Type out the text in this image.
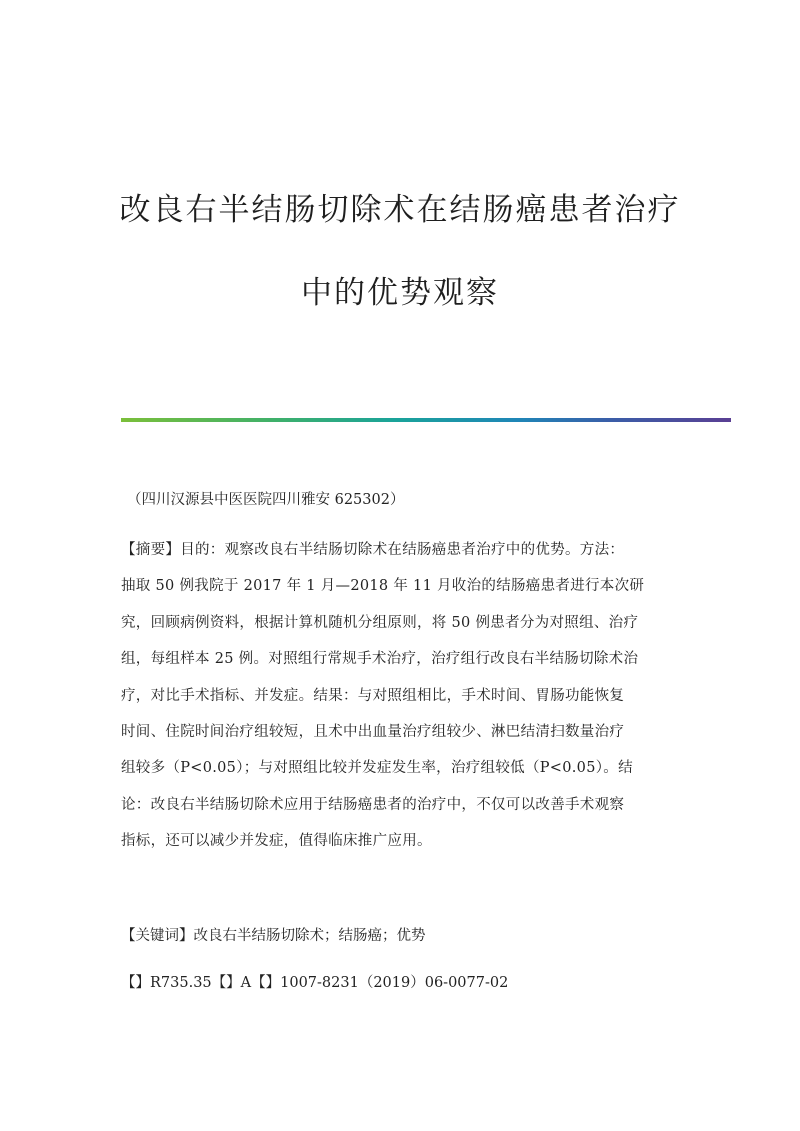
改良右半结肠切除术在结肠癌患者治疗
中的优势观察
（四川汉源县中医医院四川雅安 625302）
【摘要】目的：观察改良右半结肠切除术在结肠癌患者治疗中的优势。方法：
抽取 50 例我院于 2017 年 1 月—2018 年 11 月收治的结肠癌患者进行本次研
究，回顾病例资料，根据计算机随机分组原则，将 50 例患者分为对照组、治疗
组，每组样本 25 例。对照组行常规手术治疗，治疗组行改良右半结肠切除术治
疗，对比手术指标、并发症。结果：与对照组相比，手术时间、胃肠功能恢复
时间、住院时间治疗组较短，且术中出血量治疗组较少、淋巴结清扫数量治疗
组较多（P<0.05）；与对照组比较并发症发生率，治疗组较低（P<0.05）。结
论：改良右半结肠切除术应用于结肠癌患者的治疗中，不仅可以改善手术观察
指标，还可以减少并发症，值得临床推广应用。
【关键词】改良右半结肠切除术；结肠癌；优势
【】R735.35【】A【】1007-8231（2019）06-0077-02
